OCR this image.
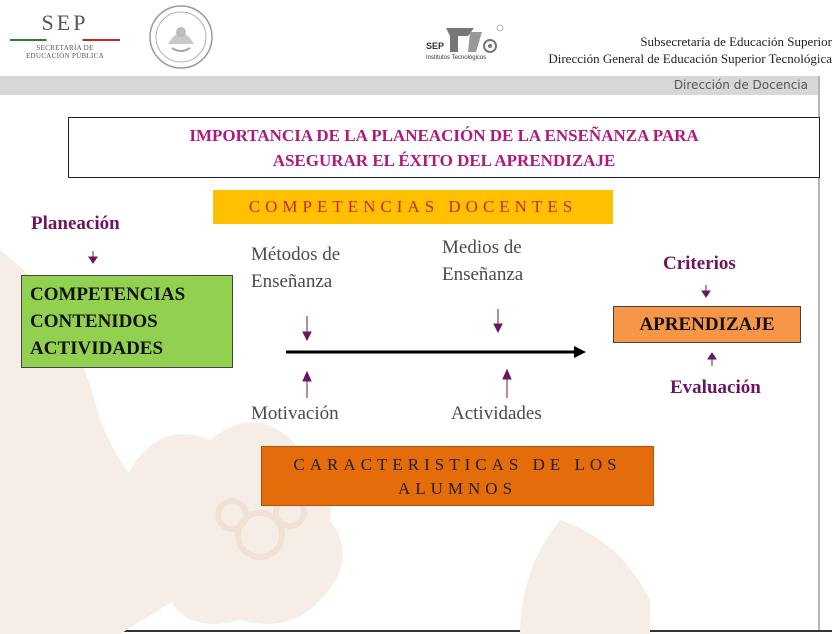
SEP
SECRETARÍA DE
EDUCACIÓN PÚBLICA
SEP
Institutos Tecnológicos
Subsecretaría de Educación Superior
Dirección General de Educación Superior Tecnológica
Dirección de Docencia
IMPORTANCIA DE LA PLANEACIÓN DE LA ENSEÑANZA PARA
ASEGURAR EL ÉXITO DEL APRENDIZAJE
COMPETENCIAS DOCENTES
Planeación
COMPETENCIAS
CONTENIDOS
ACTIVIDADES
Métodos de
Enseñanza
Medios de
Enseñanza
Motivación	Actividades
Criterios
APRENDIZAJE
Evaluación
CARACTERISTICAS DE LOS
ALUMNOS
